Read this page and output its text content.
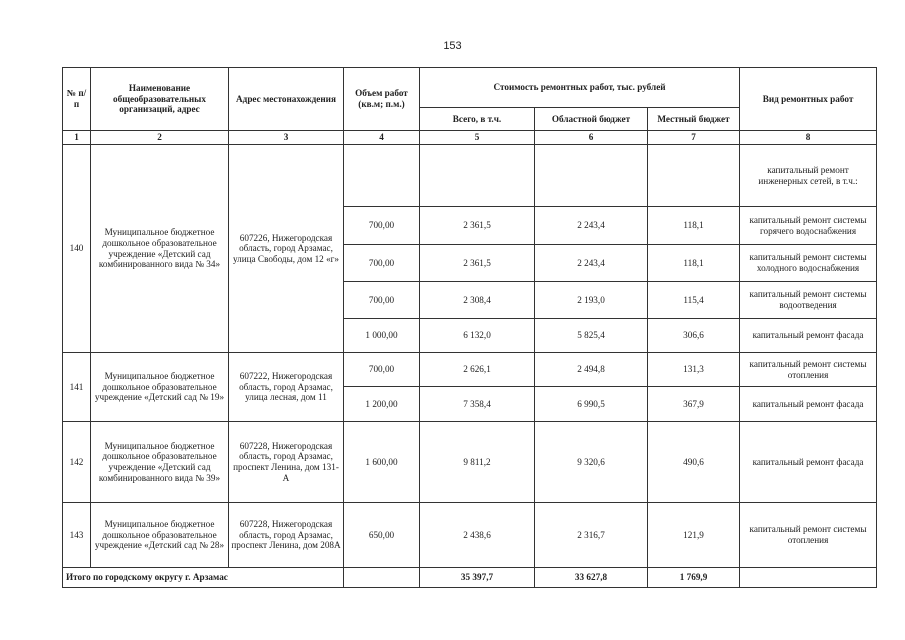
153
№ п/п	Наименование общеобразовательных организаций, адрес	Адрес местонахождения	Объем работ (кв.м; п.м.)	Стоимость ремонтных работ, тыс. рублей			Вид ремонтных работ
				Всего, в т.ч.	Областной бюджет	Местный бюджет	
1	2	3	4	5	6	7	8
140	Муниципальное бюджетное дошкольное образовательное учреждение «Детский сад комбинированного вида № 34»	607226, Нижегородская область, город Арзамас, улица Свободы, дом 12 «г»					капитальный ремонт инженерных сетей, в т.ч.:
			700,00	2 361,5	2 243,4	118,1	капитальный ремонт системы горячего водоснабжения
			700,00	2 361,5	2 243,4	118,1	капитальный ремонт системы холодного водоснабжения
			700,00	2 308,4	2 193,0	115,4	капитальный ремонт системы водоотведения
			1 000,00	6 132,0	5 825,4	306,6	капитальный ремонт фасада
141	Муниципальное бюджетное дошкольное образовательное учреждение «Детский сад № 19»	607222, Нижегородская область, город Арзамас, улица лесная, дом 11	700,00	2 626,1	2 494,8	131,3	капитальный ремонт системы отопления
			1 200,00	7 358,4	6 990,5	367,9	капитальный ремонт фасада
142	Муниципальное бюджетное дошкольное образовательное учреждение «Детский сад комбинированного вида № 39»	607228, Нижегородская область, город Арзамас, проспект Ленина, дом 131-А	1 600,00	9 811,2	9 320,6	490,6	капитальный ремонт фасада
143	Муниципальное бюджетное дошкольное образовательное учреждение «Детский сад № 28»	607228, Нижегородская область, город Арзамас, проспект Ленина, дом 208А	650,00	2 438,6	2 316,7	121,9	капитальный ремонт системы отопления
Итого по городскому округу г. Арзамас				35 397,7	33 627,8	1 769,9	
